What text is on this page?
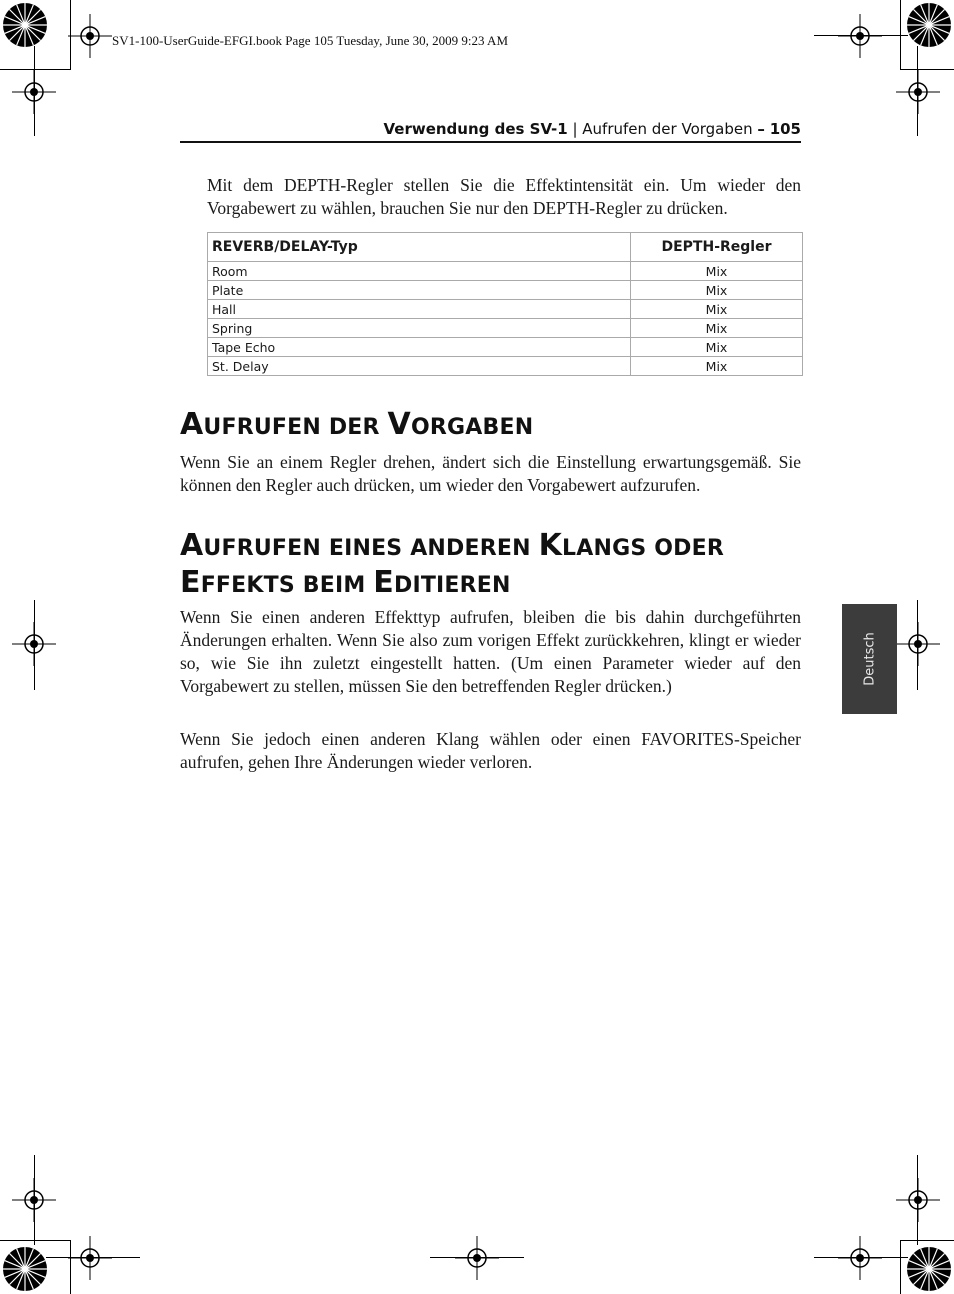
SV1-100-UserGuide-EFGI.book Page 105 Tuesday, June 30, 2009 9:23 AM
Verwendung des SV-1 | Aufrufen der Vorgaben – 105

Mit dem DEPTH-Regler stellen Sie die Effektintensität ein. Um wieder den Vorgabewert zu wählen, brauchen Sie nur den DEPTH-Regler zu drücken.

REVERB/DELAY-Typ	DEPTH-Regler
Room	Mix
Plate	Mix
Hall	Mix
Spring	Mix
Tape Echo	Mix
St. Delay	Mix
AUFRUFEN DER VORGABEN

Wenn Sie an einem Regler drehen, ändert sich die Einstellung erwartungsgemäß. Sie können den Regler auch drücken, um wieder den Vorgabewert aufzurufen.

AUFRUFEN EINES ANDEREN KLANGS ODER
EFFEKTS BEIM EDITIEREN

Wenn Sie einen anderen Effekttyp aufrufen, bleiben die bis dahin durchgeführten Änderungen erhalten. Wenn Sie also zum vorigen Effekt zurückkehren, klingt er wieder so, wie Sie ihn zuletzt eingestellt hatten. (Um einen Parameter wieder auf den Vorgabewert zu stellen, müssen Sie den betreffenden Regler drücken.)

Wenn Sie jedoch einen anderen Klang wählen oder einen FAVORITES-Speicher aufrufen, gehen Ihre Änderungen wieder verloren.

Deutsch
